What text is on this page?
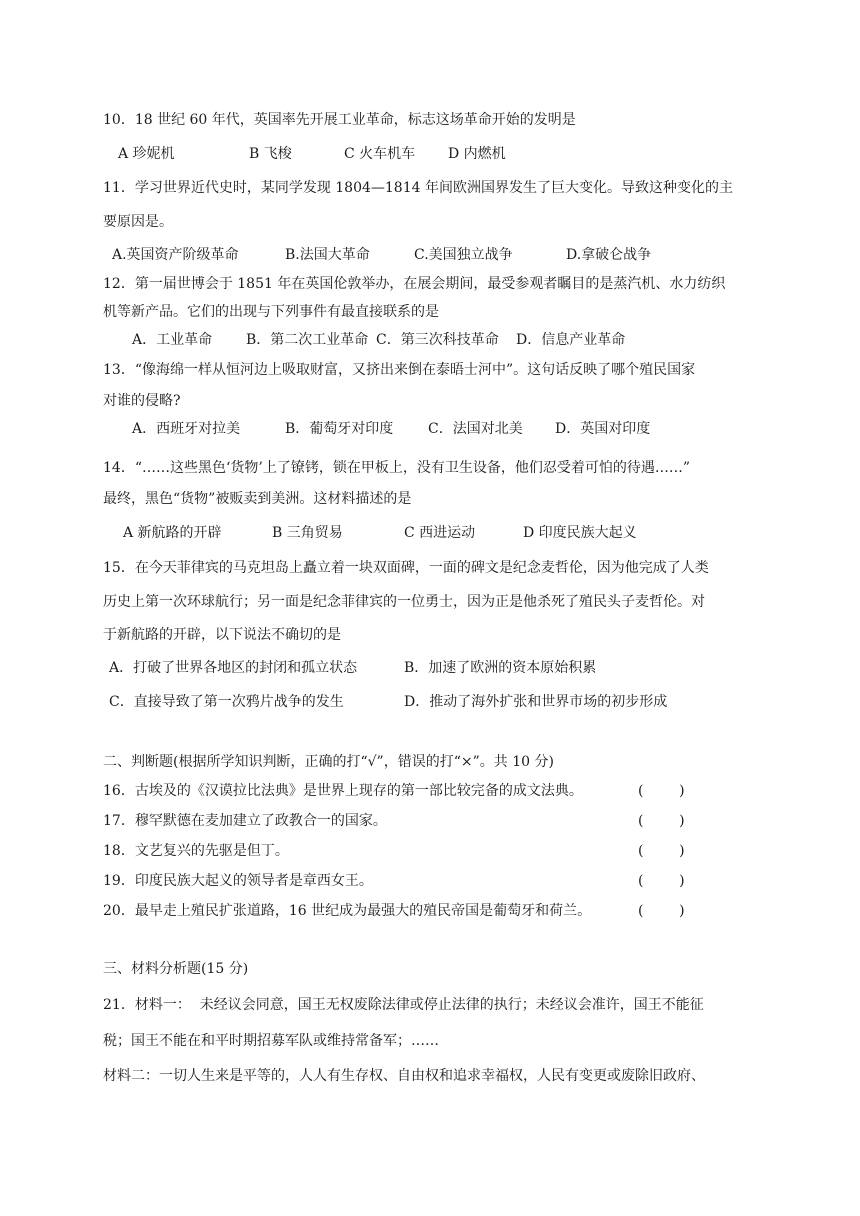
10．18 世纪 60 年代，英国率先开展工业革命，标志这场革命开始的发明是
A 珍妮机	B 飞梭	C 火车机车 D 内燃机
11．学习世界近代史时，某同学发现 1804—1814 年间欧洲国界发生了巨大变化。导致这种变化的主
要原因是。
A.英国资产阶级革命	B.法国大革命	C.美国独立战争	D.拿破仑战争
12．第一届世博会于 1851 年在英国伦敦举办，在展会期间，最受参观者瞩目的是蒸汽机、水力纺织
机等新产品。它们的出现与下列事件有最直接联系的是
A．工业革命 B．第二次工业革命 C．第三次科技革命 D．信息产业革命
13．“像海绵一样从恒河边上吸取财富，又挤出来倒在泰晤士河中”。这句话反映了哪个殖民国家
对谁的侵略?
A．西班牙对拉美	B．葡萄牙对印度 C．法国对北美 D．英国对印度
14．“……这些黑色‘货物’上了镣铐，锁在甲板上，没有卫生设备，他们忍受着可怕的待遇……”
最终，黑色“货物”被贩卖到美洲。这材料描述的是
A 新航路的开辟	B 三角贸易	C 西进运动	D 印度民族大起义
15．在今天菲律宾的马克坦岛上矗立着一块双面碑，一面的碑文是纪念麦哲伦，因为他完成了人类
历史上第一次环球航行；另一面是纪念菲律宾的一位勇士，因为正是他杀死了殖民头子麦哲伦。对
于新航路的开辟，以下说法不确切的是
A．打破了世界各地区的封闭和孤立状态	B．加速了欧洲的资本原始积累
C．直接导致了第一次鸦片战争的发生	D．推动了海外扩张和世界市场的初步形成
二、判断题(根据所学知识判断，正确的打“√”，错误的打“×”。共 10 分)
16．古埃及的《汉谟拉比法典》是世界上现存的第一部比较完备的成文法典。	(        )
17．穆罕默德在麦加建立了政教合一的国家。	(        )
18．文艺复兴的先驱是但丁。	(        )
19．印度民族大起义的领导者是章西女王。	(        )
20．最早走上殖民扩张道路，16 世纪成为最强大的殖民帝国是葡萄牙和荷兰。	(        )
三、材料分析题(15 分)
21．材料一：  未经议会同意，国王无权废除法律或停止法律的执行；未经议会准许，国王不能征
税；国王不能在和平时期招募军队或维持常备军；……
材料二：一切人生来是平等的，人人有生存权、自由权和追求幸福权，人民有变更或废除旧政府、
